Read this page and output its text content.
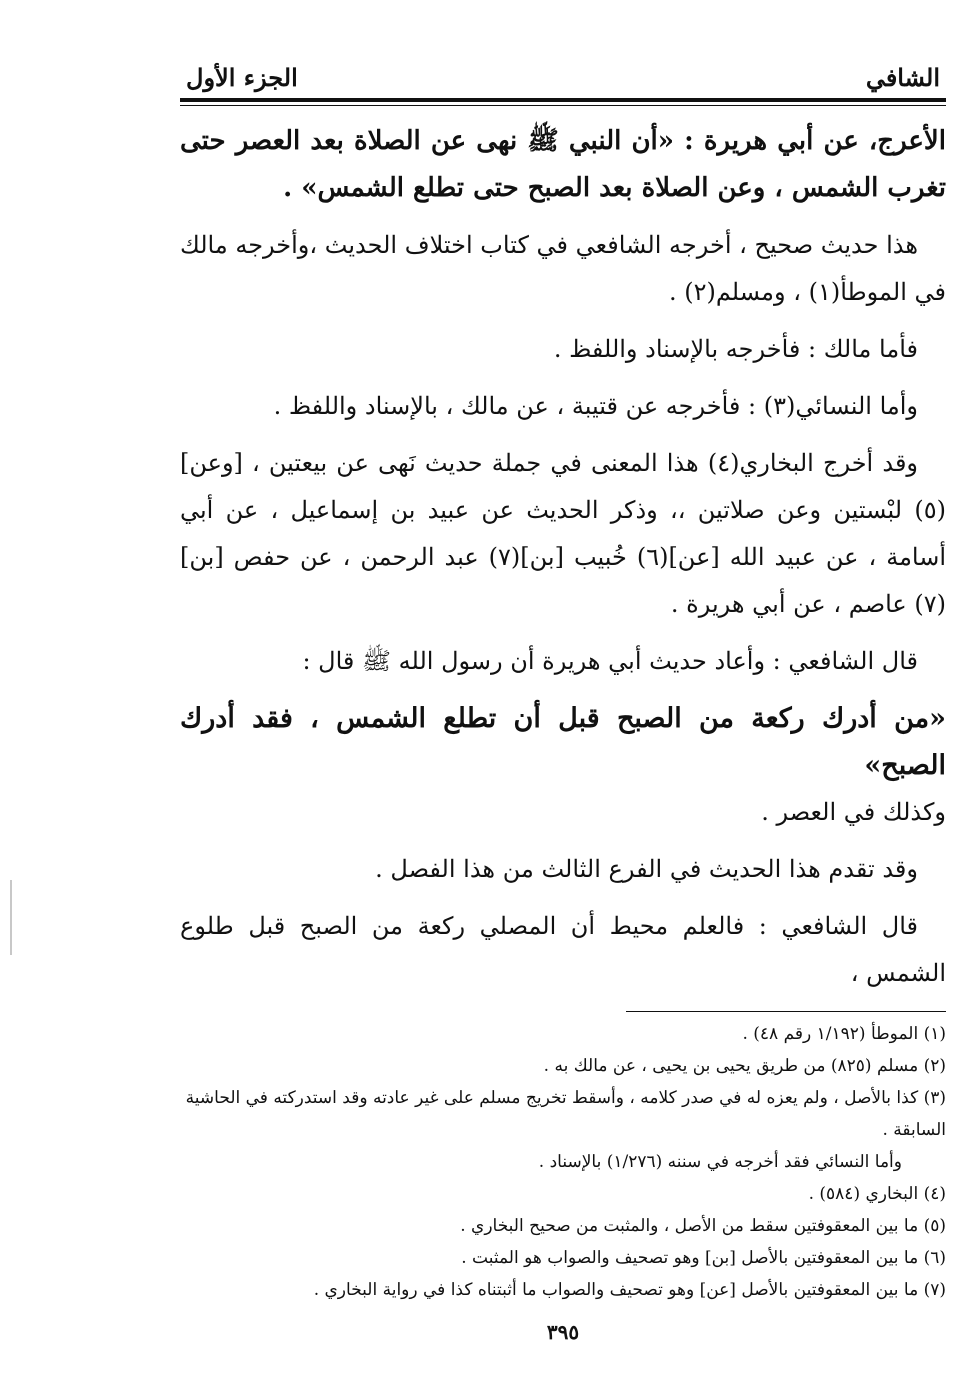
الشافي
الجزء الأول

الأعرج، عن أبي هريرة : «أن النبي ﷺ نهى عن الصلاة بعد العصر حتى تغرب الشمس ، وعن الصلاة بعد الصبح حتى تطلع الشمس» .

هذا حديث صحيح ، أخرجه الشافعي في كتاب اختلاف الحديث ،وأخرجه مالك في الموطأ(١) ، ومسلم(٢) .

فأما مالك : فأخرجه بالإسناد واللفظ .

وأما النسائي(٣) : فأخرجه عن قتيبة ، عن مالك ، بالإسناد واللفظ .

وقد أخرج البخاري(٤) هذا المعنى في جملة حديث نَهى عن بيعتين ، [وعن](٥) لبْستين وعن صلاتين ،، وذكر الحديث عن عبيد بن إسماعيل ، عن أبي أسامة ، عن عبيد الله [عن](٦) خُبيب [بن](٧) عبد الرحمن ، عن حفص [بن](٧) عاصم ، عن أبي هريرة .

قال الشافعي : وأعاد حديث أبي هريرة أن رسول الله ﷺ قال :

«من أدرك ركعة من الصبح قبل أن تطلع الشمس ، فقد أدرك الصبح»

وكذلك في العصر .

وقد تقدم هذا الحديث في الفرع الثالث من هذا الفصل .

قال الشافعي : فالعلم محيط أن المصلي ركعة من الصبح قبل طلوع الشمس ،

(١) الموطأ (١/١٩٢ رقم ٤٨) .

(٢) مسلم (٨٢٥) من طريق يحيى بن يحيى ، عن مالك به .

(٣) كذا بالأصل ، ولم يعزه له في صدر كلامه ، وأسقط تخريج مسلم على غير عادته وقد استدركته في الحاشية السابقة .

وأما النسائي فقد أخرجه في سننه (١/٢٧٦) بالإسناد .

(٤) البخاري (٥٨٤) .

(٥) ما بين المعقوفتين سقط من الأصل ، والمثبت من صحيح البخاري .

(٦) ما بين المعقوفتين بالأصل [بن] وهو تصحيف والصواب هو المثبت .

(٧) ما بين المعقوفتين بالأصل [عن] وهو تصحيف والصواب ما أثبتناه كذا في رواية البخاري .

٣٩٥
